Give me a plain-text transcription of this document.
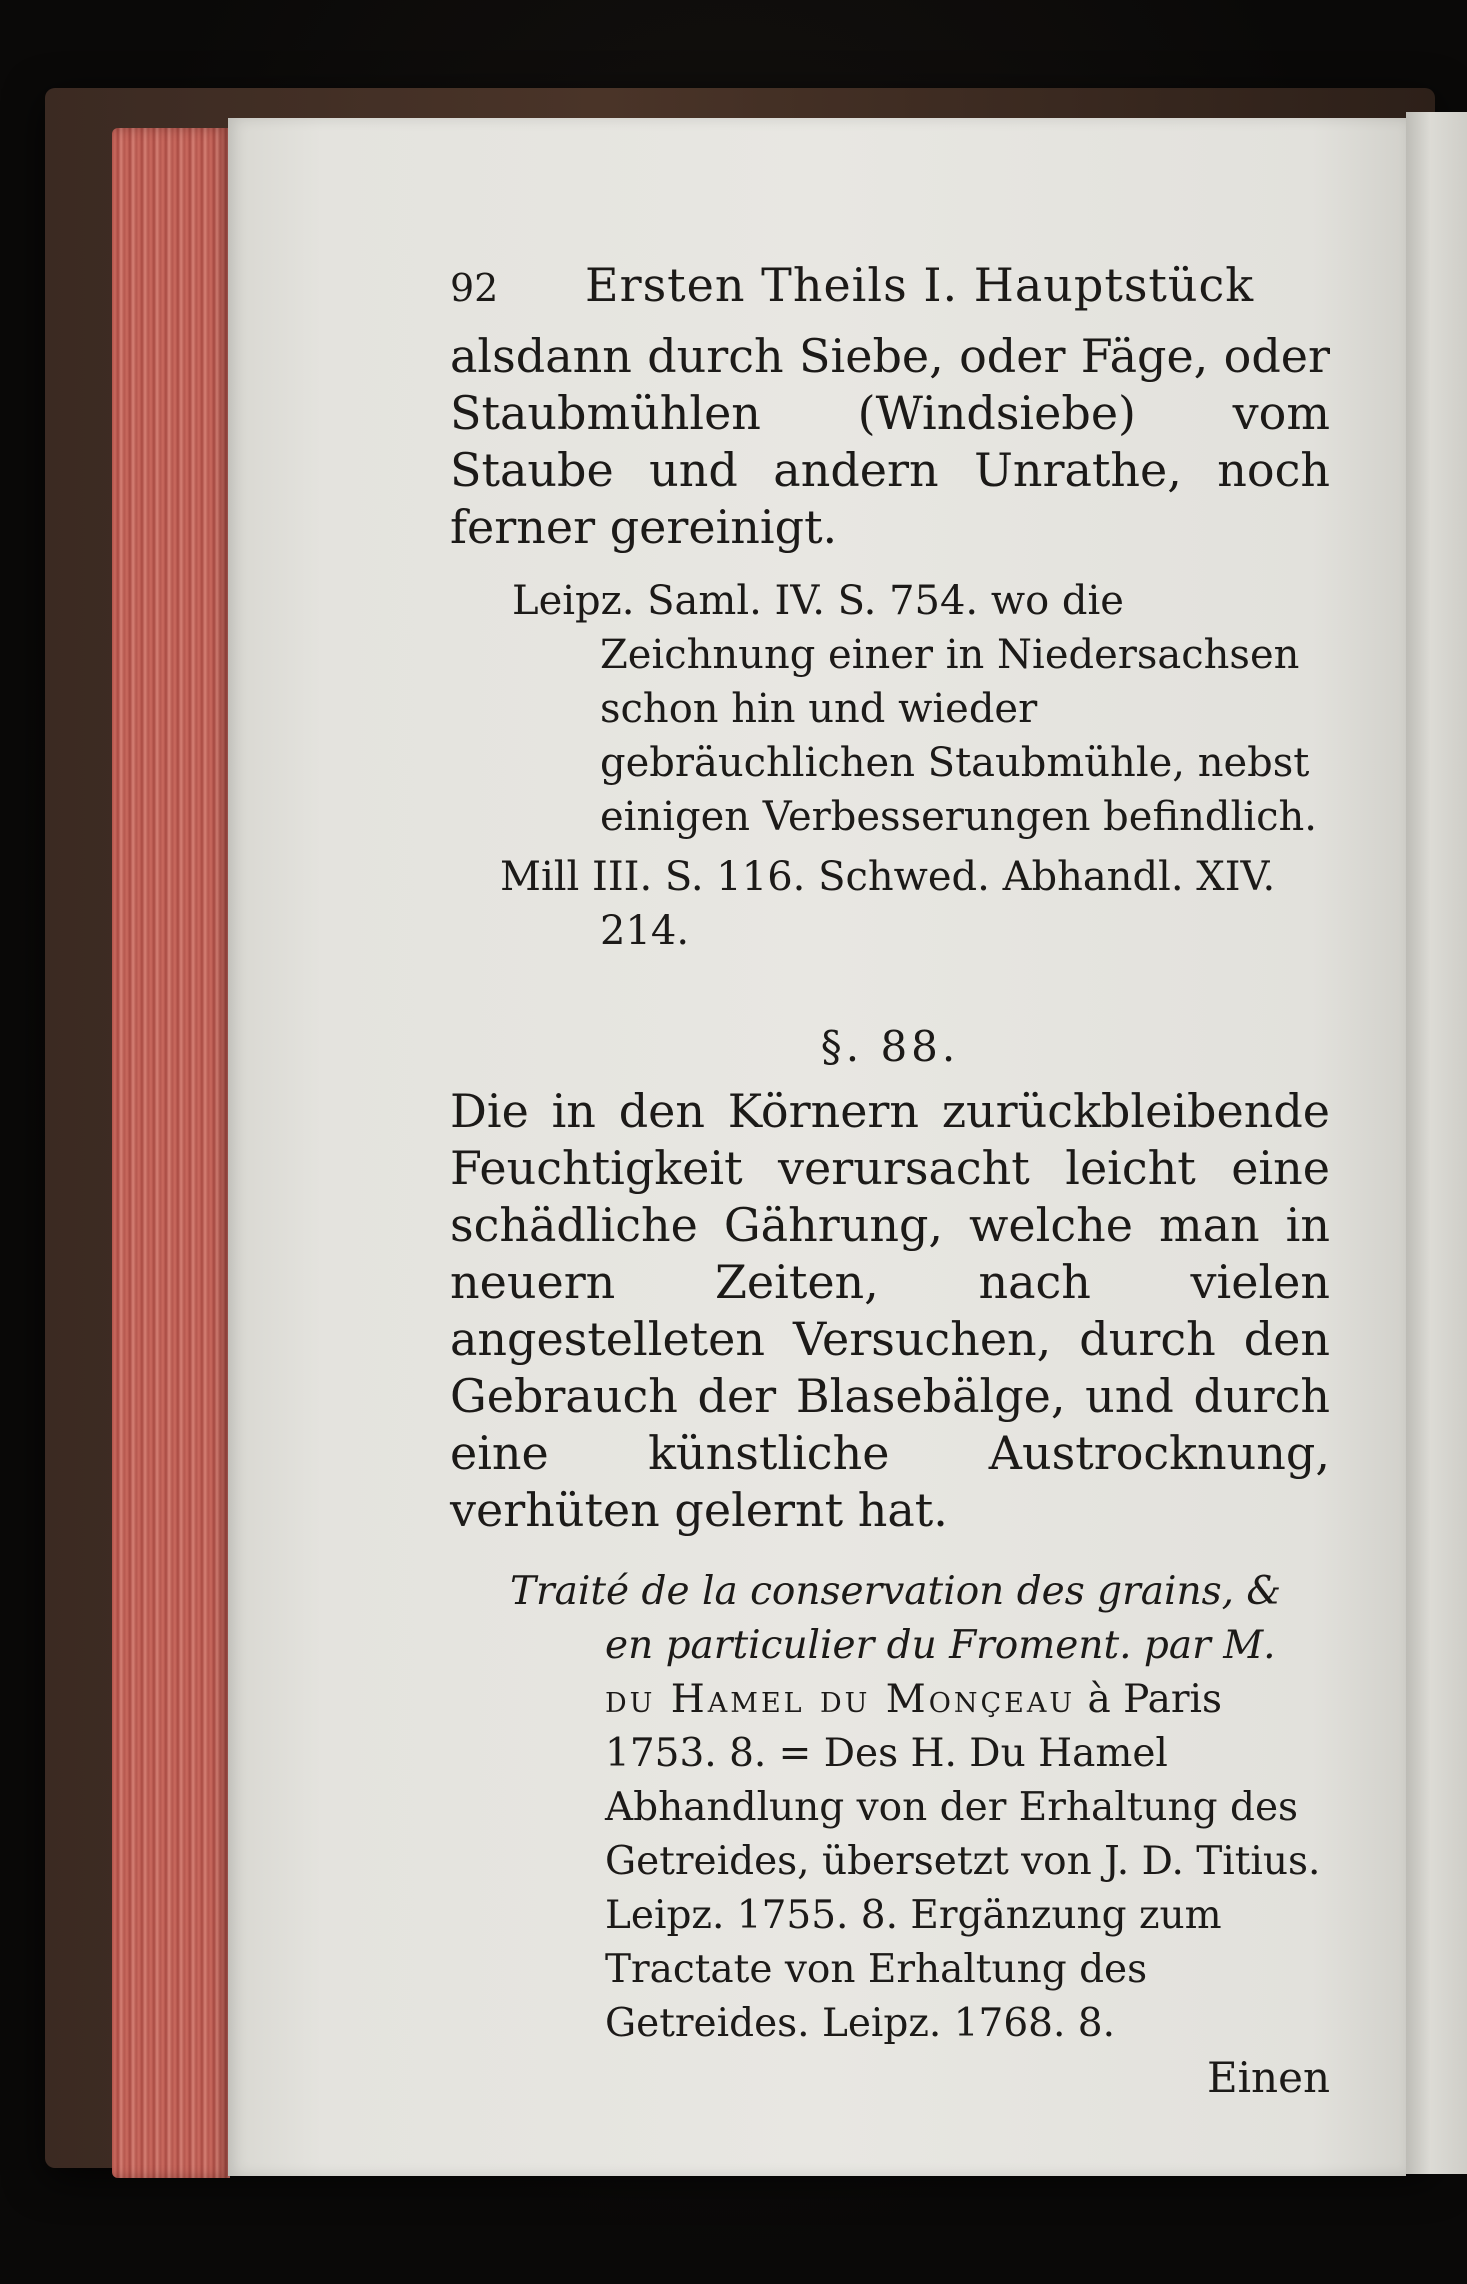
92 Ersten Theils I. Hauptstück

alsdann durch Siebe, oder Fäge, oder Staubmühlen (Windsiebe) vom Staube und andern Unrathe, noch ferner gereinigt.

Leipz. Saml. IV. S. 754. wo die Zeichnung einer in Niedersachsen schon hin und wieder gebräuchlichen Staubmühle, nebst einigen Verbesserungen befindlich.

Mill III. S. 116. Schwed. Abhandl. XIV. 214.

§. 88.

Die in den Körnern zurückbleibende Feuchtigkeit verursacht leicht eine schädliche Gährung, welche man in neuern Zeiten, nach vielen angestelleten Versuchen, durch den Gebrauch der Blasebälge, und durch eine künstliche Austrocknung, verhüten gelernt hat.

Traité de la conservation des grains, & en particulier du Froment. par M. du Hamel du Monçeau à Paris 1753. 8. = Des H. Du Hamel Abhandlung von der Erhaltung des Getreides, übersetzt von J. D. Titius. Leipz. 1755. 8. Ergänzung zum Tractate von Erhaltung des Getreides. Leipz. 1768. 8.

Einen
